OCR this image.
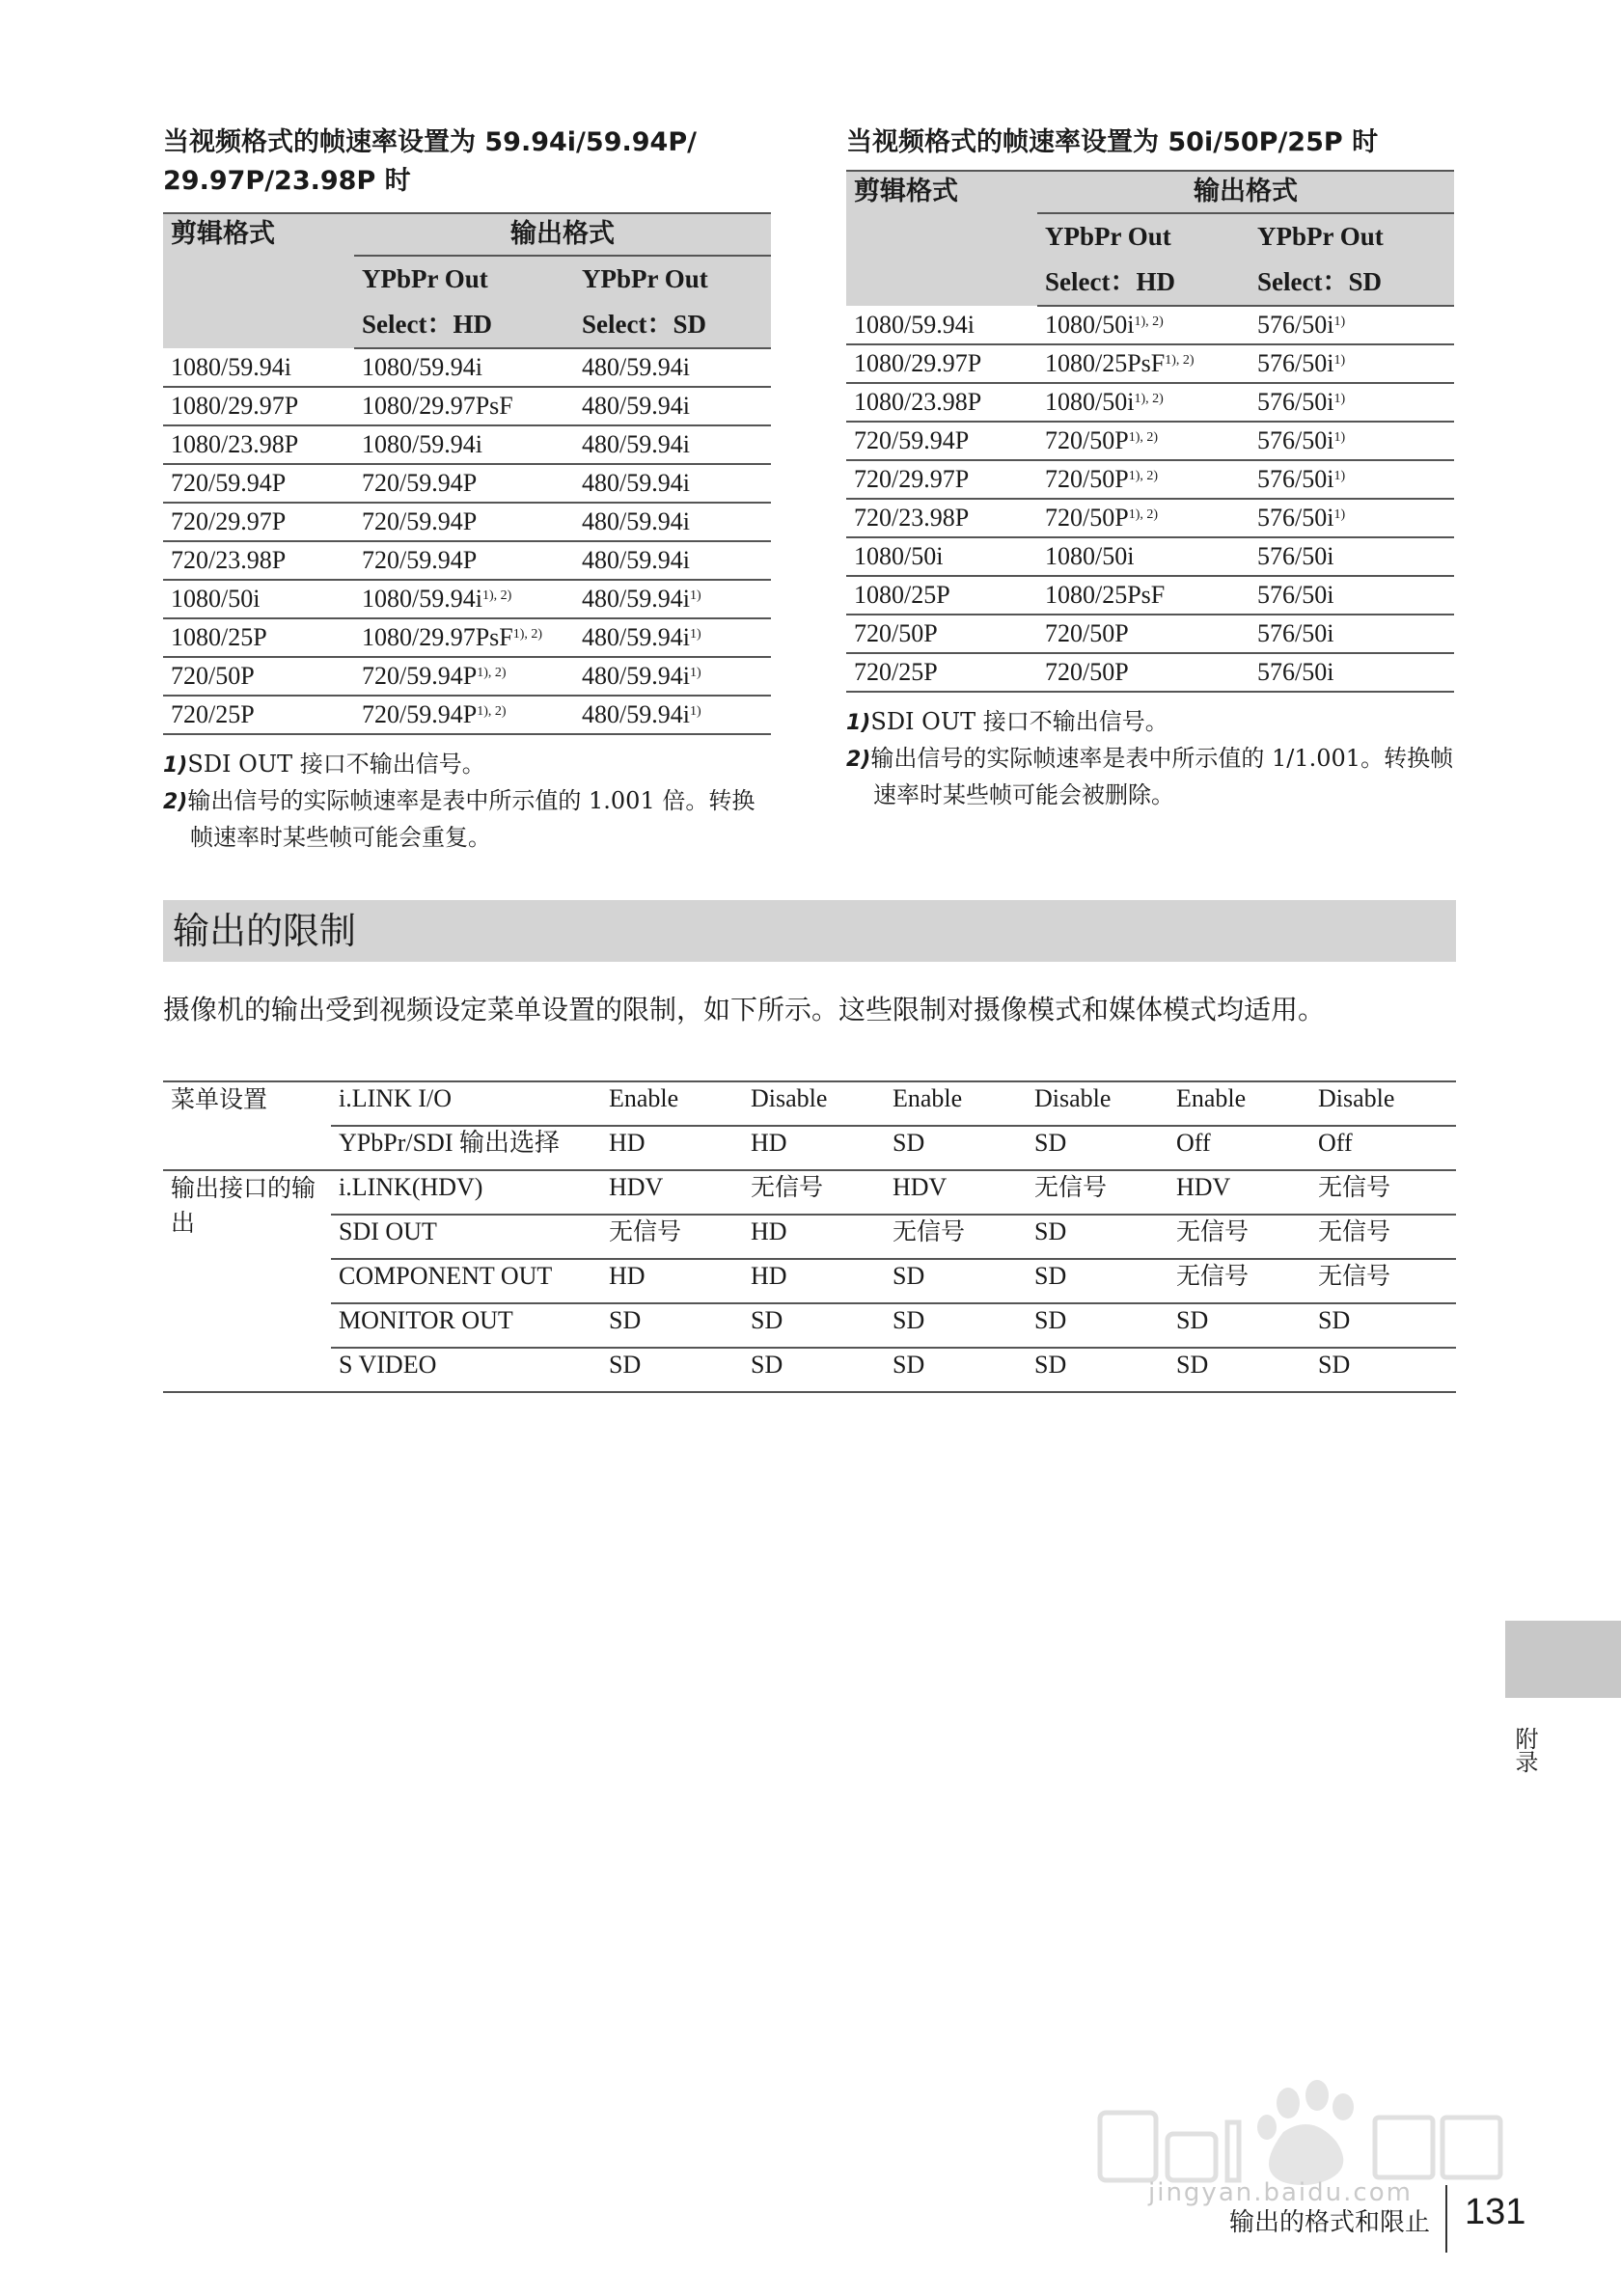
当视频格式的帧速率设置为 59.94i/59.94P/
29.97P/23.98P 时

剪辑格式	输出格式	
	YPbPr Out	YPbPr Out
	Select：HD	Select：SD
1080/59.94i	1080/59.94i	480/59.94i
1080/29.97P	1080/29.97PsF	480/59.94i
1080/23.98P	1080/59.94i	480/59.94i
720/59.94P	720/59.94P	480/59.94i
720/29.97P	720/59.94P	480/59.94i
720/23.98P	720/59.94P	480/59.94i
1080/50i	$1080/59.94i^{1), 2)}$	$480/59.94i^{1)}$
1080/25P	1080/29.97PsF$^{1), 2)}$	$480/59.94i^{1)}$
720/50P	$720/59.94P^{1), 2)}$	$480/59.94i^{1)}$
720/25P	$720/59.94P^{1), 2)}$	$480/59.94i^{1)}$
1)SDI OUT 接口不输出信号。
2)输出信号的实际帧速率是表中所示值的 1.001 倍。转换帧速率时某些帧可能会重复。

当视频格式的帧速率设置为 50i/50P/25P 时

剪辑格式	输出格式	
	YPbPr Out	YPbPr Out
	Select：HD	Select：SD
1080/59.94i	$1080/50i^{1), 2)}$	$576/50i^{1)}$
1080/29.97P	1080/25PsF$^{1), 2)}$	$576/50i^{1)}$
1080/23.98P	$1080/50i^{1), 2)}$	$576/50i^{1)}$
720/59.94P	$720/50P^{1), 2)}$	$576/50i^{1)}$
720/29.97P	$720/50P^{1), 2)}$	$576/50i^{1)}$
720/23.98P	$720/50P^{1), 2)}$	$576/50i^{1)}$
1080/50i	1080/50i	576/50i
1080/25P	1080/25PsF	576/50i
720/50P	720/50P	576/50i
720/25P	720/50P	576/50i
1)SDI OUT 接口不输出信号。
2)输出信号的实际帧速率是表中所示值的 1/1.001。转换帧速率时某些帧可能会被删除。
输出的限制

摄像机的输出受到视频设定菜单设置的限制，如下所示。这些限制对摄像模式和媒体模式均适用。

菜单设置	i.LINK I/O	Enable	Disable	Enable	Disable	Enable	Disable
	YPbPr/SDI 输出选择	HD	HD	SD	SD	Off	Off
输出接口的输出	i.LINK(HDV)	HDV	无信号	HDV	无信号	HDV	无信号
	SDI OUT	无信号	HD	无信号	SD	无信号	无信号
	COMPONENT OUT	HD	HD	SD	SD	无信号	无信号
	MONITOR OUT	SD	SD	SD	SD	SD	SD
	S VIDEO	SD	SD	SD	SD	SD	SD
附录
jingyan.baidu.com
输出的格式和限止 131
